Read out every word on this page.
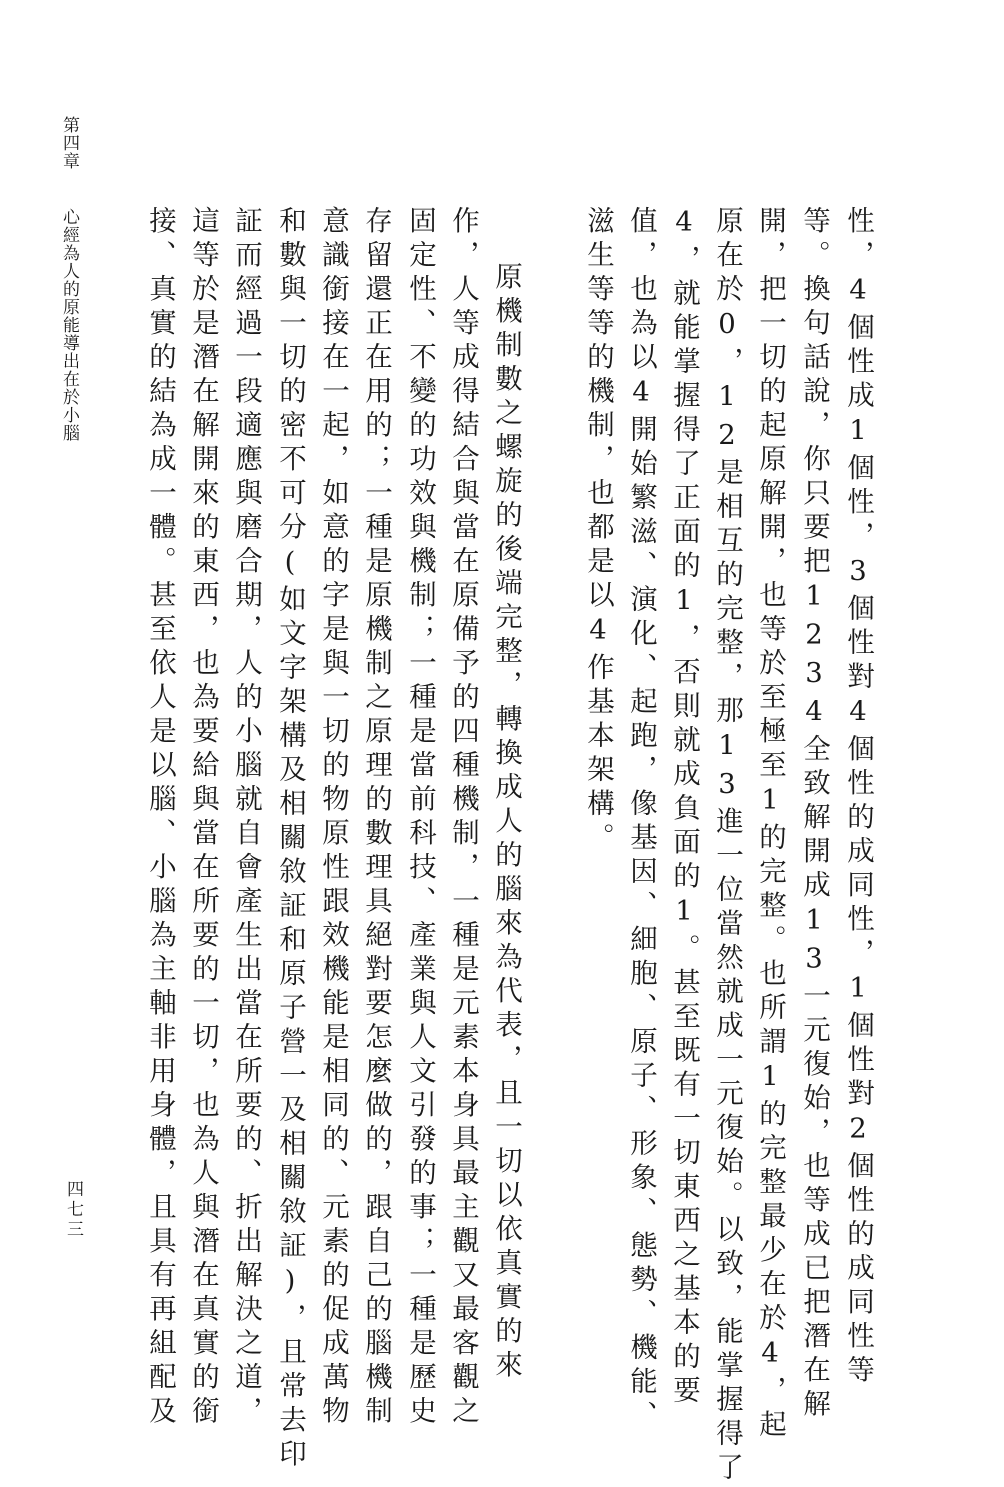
第四章
心經為人的原能導出在於小腦
四七三	性，4個性成1個性，3個性對4個性的成同性，1個性對2個性的成同性等
等。換句話說，你只要把1234全致解開成13一元復始，也等成已把潛在解
開，把一切的起原解開，也等於至極至1的完整。也所謂1的完整最少在於4，起
原在於0，12是相互的完整，那13進一位當然就成一元復始。以致，能掌握得了
4，就能掌握得了正面的1，否則就成負面的1。甚至既有一切東西之基本的要
值，也為以4開始繁滋、演化、起跑，像基因、細胞、原子、形象、態勢、機能、
滋生等等的機制，也都是以4作基本架構。
原機制數之螺旋的後端完整，轉換成人的腦來為代表，且一切以依真實的來
作，人等成得結合與當在原備予的四種機制，一種是元素本身具最主觀又最客觀之
固定性、不變的功效與機制；一種是當前科技、產業與人文引發的事；一種是歷史
存留還正在用的；一種是原機制之原理的數理具絕對要怎麼做的，跟自己的腦機制
意識銜接在一起，如意的字是與一切的物原性跟效機能是相同的、元素的促成萬物
和數與一切的密不可分(如文字架構及相關敘証和原子營一及相關敘証)，且常去印
証而經過一段適應與磨合期，人的小腦就自會產生出當在所要的、折出解決之道，
這等於是潛在解開來的東西，也為要給與當在所要的一切，也為人與潛在真實的銜
接、真實的結為成一體。甚至依人是以腦、小腦為主軸非用身體，且具有再組配及
